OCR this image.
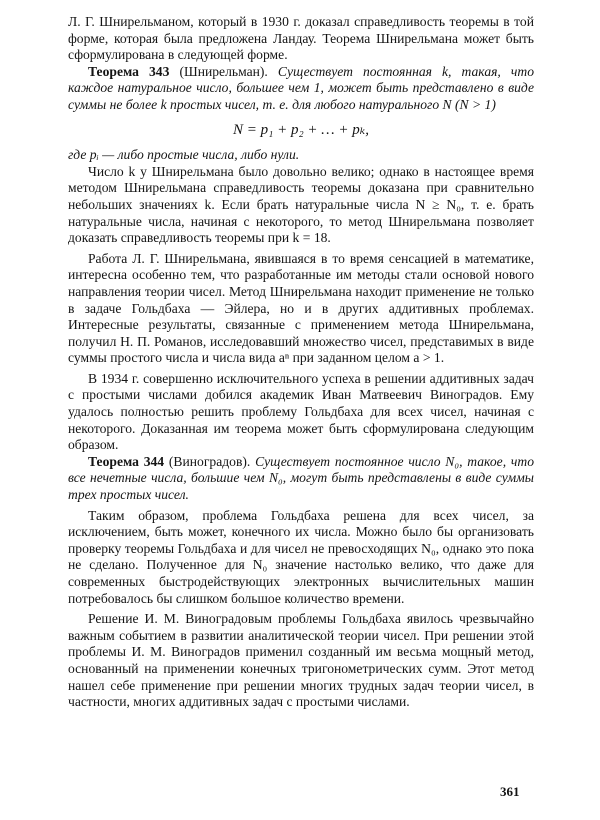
Л. Г. Шнирельманом, который в 1930 г. доказал справедливость теоремы в той форме, которая была предложена Ландау. Теорема Шнирельмана может быть сформулирована в следующей форме.

Теорема 343 (Шнирельман). Существует постоянная k, такая, что каждое натуральное число, большее чем 1, может быть представлено в виде суммы не более k простых чисел, т. е. для любого натурального N (N > 1)

N = p₁ + p₂ + … + pₖ,

где pᵢ — либо простые числа, либо нули.

Число k у Шнирельмана было довольно велико; однако в настоящее время методом Шнирельмана справедливость теоремы доказана при сравнительно небольших значениях k. Если брать натуральные числа N ≥ N₀, т. е. брать натуральные числа, начиная с некоторого, то метод Шнирельмана позволяет доказать справедливость теоремы при k = 18.

Работа Л. Г. Шнирельмана, явившаяся в то время сенсацией в математике, интересна особенно тем, что разработанные им методы стали основой нового направления теории чисел. Метод Шнирельмана находит применение не только в задаче Гольдбаха — Эйлера, но и в других аддитивных проблемах. Интересные результаты, связанные с применением метода Шнирельмана, получил Н. П. Романов, исследовавший множество чисел, представимых в виде суммы простого числа и числа вида aⁿ при заданном целом a > 1.

В 1934 г. совершенно исключительного успеха в решении аддитивных задач с простыми числами добился академик Иван Матвеевич Виноградов. Ему удалось полностью решить проблему Гольдбаха для всех чисел, начиная с некоторого. Доказанная им теорема может быть сформулирована следующим образом.

Теорема 344 (Виноградов). Существует постоянное число N₀, такое, что все нечетные числа, большие чем N₀, могут быть представлены в виде суммы трех простых чисел.

Таким образом, проблема Гольдбаха решена для всех чисел, за исключением, быть может, конечного их числа. Можно было бы организовать проверку теоремы Гольдбаха и для чисел не превосходящих N₀, однако это пока не сделано. Полученное для N₀ значение настолько велико, что даже для современных быстродействующих электронных вычислительных машин потребовалось бы слишком большое количество времени.

Решение И. М. Виноградовым проблемы Гольдбаха явилось чрезвычайно важным событием в развитии аналитической теории чисел. При решении этой проблемы И. М. Виноградов применил созданный им весьма мощный метод, основанный на применении конечных тригонометрических сумм. Этот метод нашел себе применение при решении многих трудных задач теории чисел, в частности, многих аддитивных задач с простыми числами.

361
